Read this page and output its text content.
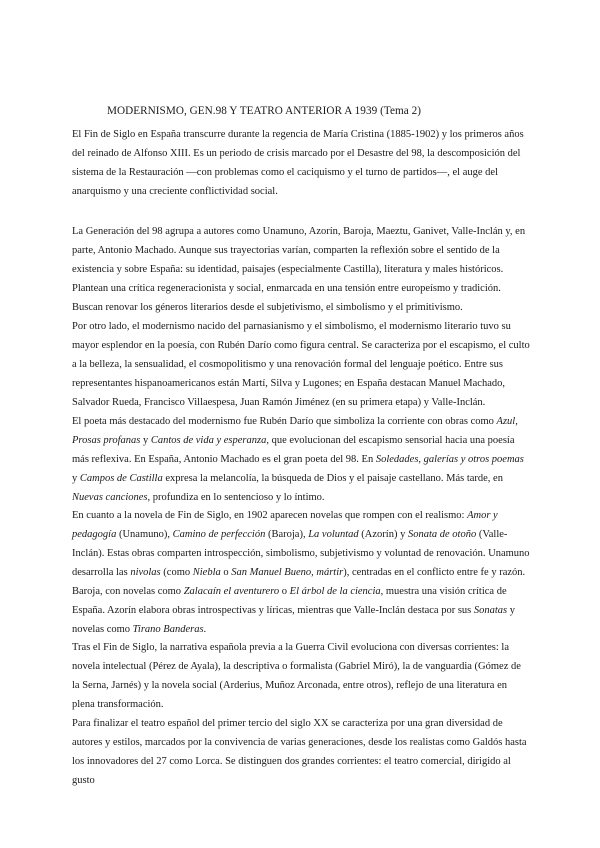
MODERNISMO, GEN.98 Y TEATRO ANTERIOR A 1939 (Tema 2)

El Fin de Siglo en España transcurre durante la regencia de María Cristina (1885-1902) y los primeros años del reinado de Alfonso XIII. Es un periodo de crisis marcado por el Desastre del 98, la descomposición del sistema de la Restauración —con problemas como el caciquismo y el turno de partidos—, el auge del anarquismo y una creciente conflictividad social.

La Generación del 98 agrupa a autores como Unamuno, Azorín, Baroja, Maeztu, Ganivet, Valle-Inclán y, en parte, Antonio Machado. Aunque sus trayectorias varían, comparten la reflexión sobre el sentido de la existencia y sobre España: su identidad, paisajes (especialmente Castilla), literatura y males históricos. Plantean una crítica regeneracionista y social, enmarcada en una tensión entre europeísmo y tradición. Buscan renovar los géneros literarios desde el subjetivismo, el simbolismo y el primitivismo.

Por otro lado, el modernismo nacido del parnasianismo y el simbolismo, el modernismo literario tuvo su mayor esplendor en la poesía, con Rubén Darío como figura central. Se caracteriza por el escapismo, el culto a la belleza, la sensualidad, el cosmopolitismo y una renovación formal del lenguaje poético. Entre sus representantes hispanoamericanos están Martí, Silva y Lugones; en España destacan Manuel Machado, Salvador Rueda, Francisco Villaespesa, Juan Ramón Jiménez (en su primera etapa) y Valle-Inclán.

El poeta más destacado del modernismo fue Rubén Darío que simboliza la corriente con obras como Azul, Prosas profanas y Cantos de vida y esperanza, que evolucionan del escapismo sensorial hacia una poesía más reflexiva. En España, Antonio Machado es el gran poeta del 98. En Soledades, galerías y otros poemas y Campos de Castilla expresa la melancolía, la búsqueda de Dios y el paisaje castellano. Más tarde, en Nuevas canciones, profundiza en lo sentencioso y lo íntimo.

En cuanto a la novela de Fin de Siglo, en 1902 aparecen novelas que rompen con el realismo: Amor y pedagogía (Unamuno), Camino de perfección (Baroja), La voluntad (Azorín) y Sonata de otoño (Valle-Inclán). Estas obras comparten introspección, simbolismo, subjetivismo y voluntad de renovación. Unamuno desarrolla las nivolas (como Niebla o San Manuel Bueno, mártir), centradas en el conflicto entre fe y razón. Baroja, con novelas como Zalacaín el aventurero o El árbol de la ciencia, muestra una visión crítica de España. Azorín elabora obras introspectivas y líricas, mientras que Valle-Inclán destaca por sus Sonatas y novelas como Tirano Banderas.

Tras el Fin de Siglo, la narrativa española previa a la Guerra Civil evoluciona con diversas corrientes: la novela intelectual (Pérez de Ayala), la descriptiva o formalista (Gabriel Miró), la de vanguardia (Gómez de la Serna, Jarnés) y la novela social (Arderius, Muñoz Arconada, entre otros), reflejo de una literatura en plena transformación.

Para finalizar el teatro español del primer tercio del siglo XX se caracteriza por una gran diversidad de autores y estilos, marcados por la convivencia de varias generaciones, desde los realistas como Galdós hasta los innovadores del 27 como Lorca. Se distinguen dos grandes corrientes: el teatro comercial, dirigido al gusto
